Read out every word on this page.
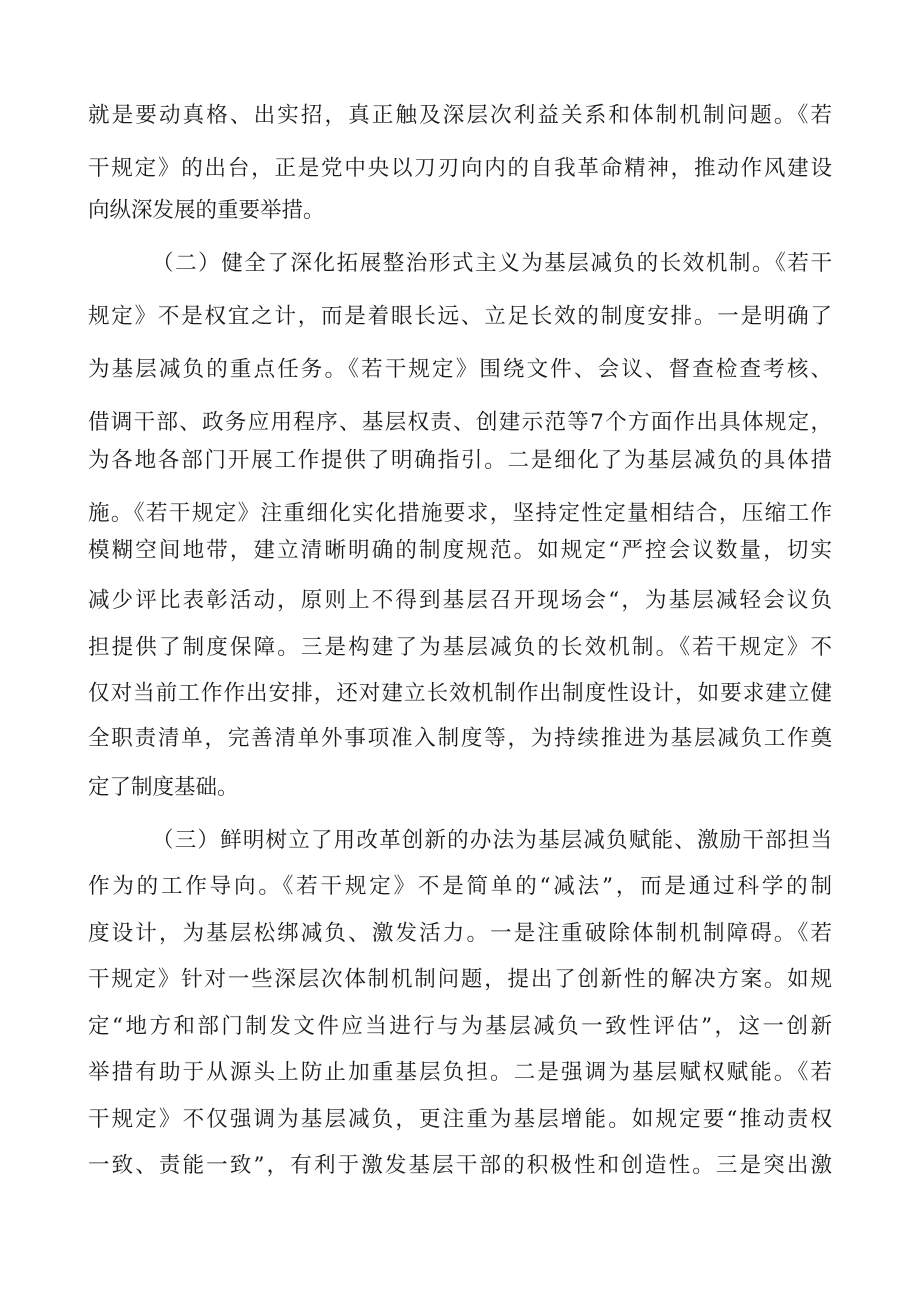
就是要动真格、出实招，真正触及深层次利益关系和体制机制问题。《若
干规定》的出台，正是党中央以刀刃向内的自我革命精神，推动作风建设
向纵深发展的重要举措。
（二）健全了深化拓展整治形式主义为基层减负的长效机制。《若干
规定》不是权宜之计，而是着眼长远、立足长效的制度安排。一是明确了
为基层减负的重点任务。《若干规定》围绕文件、会议、督查检查考核、
借调干部、政务应用程序、基层权责、创建示范等7个方面作出具体规定，
为各地各部门开展工作提供了明确指引。二是细化了为基层减负的具体措
施。《若干规定》注重细化实化措施要求，坚持定性定量相结合，压缩工作
模糊空间地带，建立清晰明确的制度规范。如规定“严控会议数量，切实
减少评比表彰活动，原则上不得到基层召开现场会“，为基层减轻会议负
担提供了制度保障。三是构建了为基层减负的长效机制。《若干规定》不
仅对当前工作作出安排，还对建立长效机制作出制度性设计，如要求建立健
全职责清单，完善清单外事项准入制度等，为持续推进为基层减负工作奠
定了制度基础。
（三）鲜明树立了用改革创新的办法为基层减负赋能、激励干部担当
作为的工作导向。《若干规定》不是简单的“减法”，而是通过科学的制
度设计，为基层松绑减负、激发活力。一是注重破除体制机制障碍。《若
干规定》针对一些深层次体制机制问题，提出了创新性的解决方案。如规
定“地方和部门制发文件应当进行与为基层减负一致性评估”，这一创新
举措有助于从源头上防止加重基层负担。二是强调为基层赋权赋能。《若
干规定》不仅强调为基层减负，更注重为基层增能。如规定要“推动责权
一致、责能一致”，有利于激发基层干部的积极性和创造性。三是突出激
